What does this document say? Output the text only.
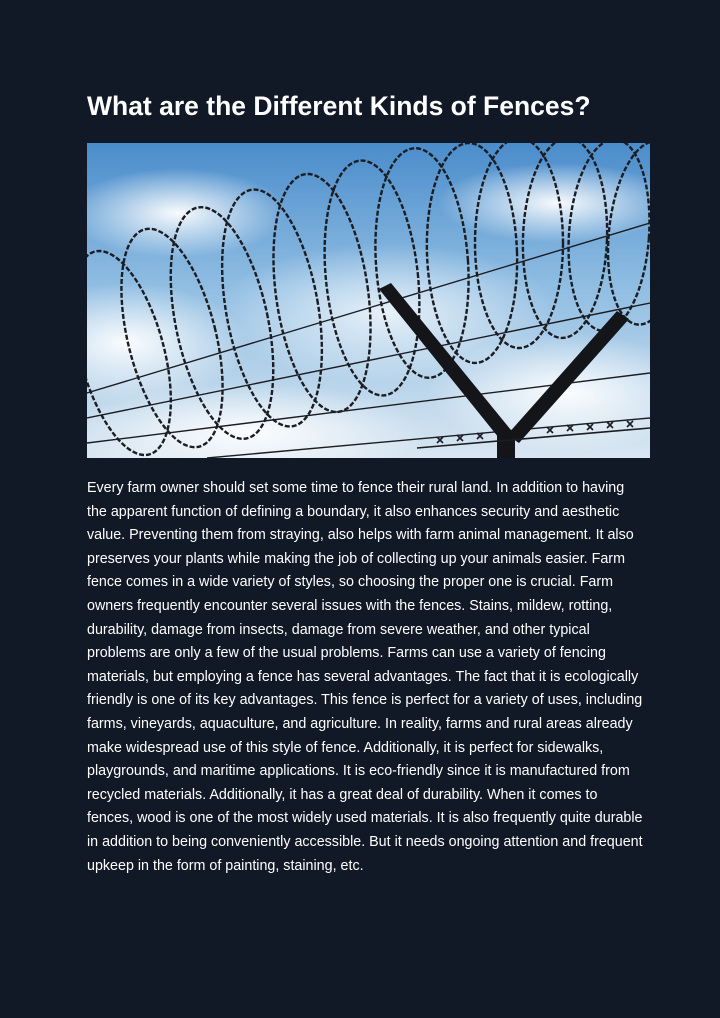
What are the Different Kinds of Fences?

Every farm owner should set some time to fence their rural land. In addition to having the apparent function of defining a boundary, it also enhances security and aesthetic value. Preventing them from straying, also helps with farm animal management. It also preserves your plants while making the job of collecting up your animals easier. Farm fence comes in a wide variety of styles, so choosing the proper one is crucial. Farm owners frequently encounter several issues with the fences. Stains, mildew, rotting, durability, damage from insects, damage from severe weather, and other typical problems are only a few of the usual problems. Farms can use a variety of fencing materials, but employing a fence has several advantages. The fact that it is ecologically friendly is one of its key advantages. This fence is perfect for a variety of uses, including farms, vineyards, aquaculture, and agriculture. In reality, farms and rural areas already make widespread use of this style of fence. Additionally, it is perfect for sidewalks, playgrounds, and maritime applications. It is eco-friendly since it is manufactured from recycled materials. Additionally, it has a great deal of durability. When it comes to fences, wood is one of the most widely used materials. It is also frequently quite durable in addition to being conveniently accessible. But it needs ongoing attention and frequent upkeep in the form of painting, staining, etc.
